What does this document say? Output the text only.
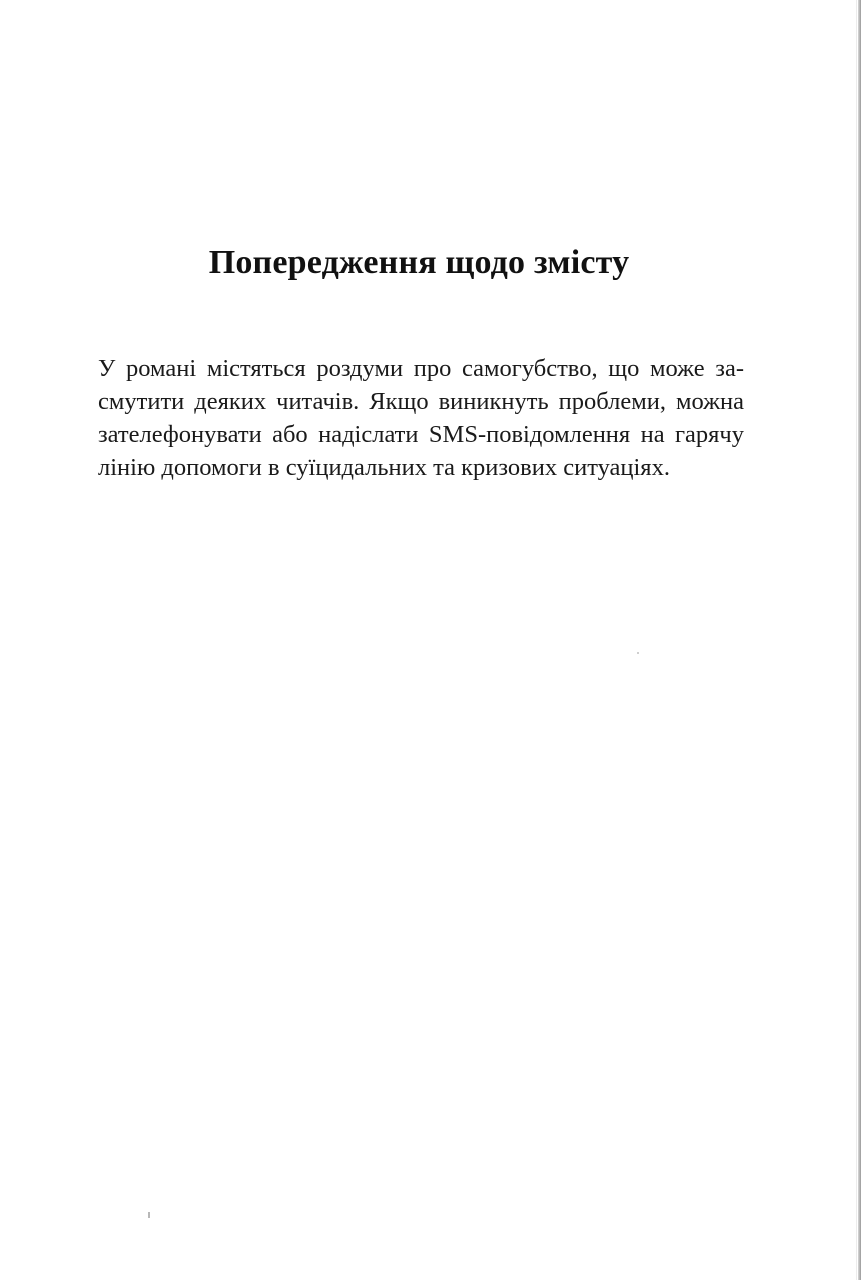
Попередження щодо змісту
У романі містяться роздуми про самогубство, що може за-
смутити деяких читачів. Якщо виникнуть проблеми, можна
зателефонувати або надіслати SMS-повідомлення на гарячу
лінію допомоги в суїцидальних та кризових ситуаціях.
